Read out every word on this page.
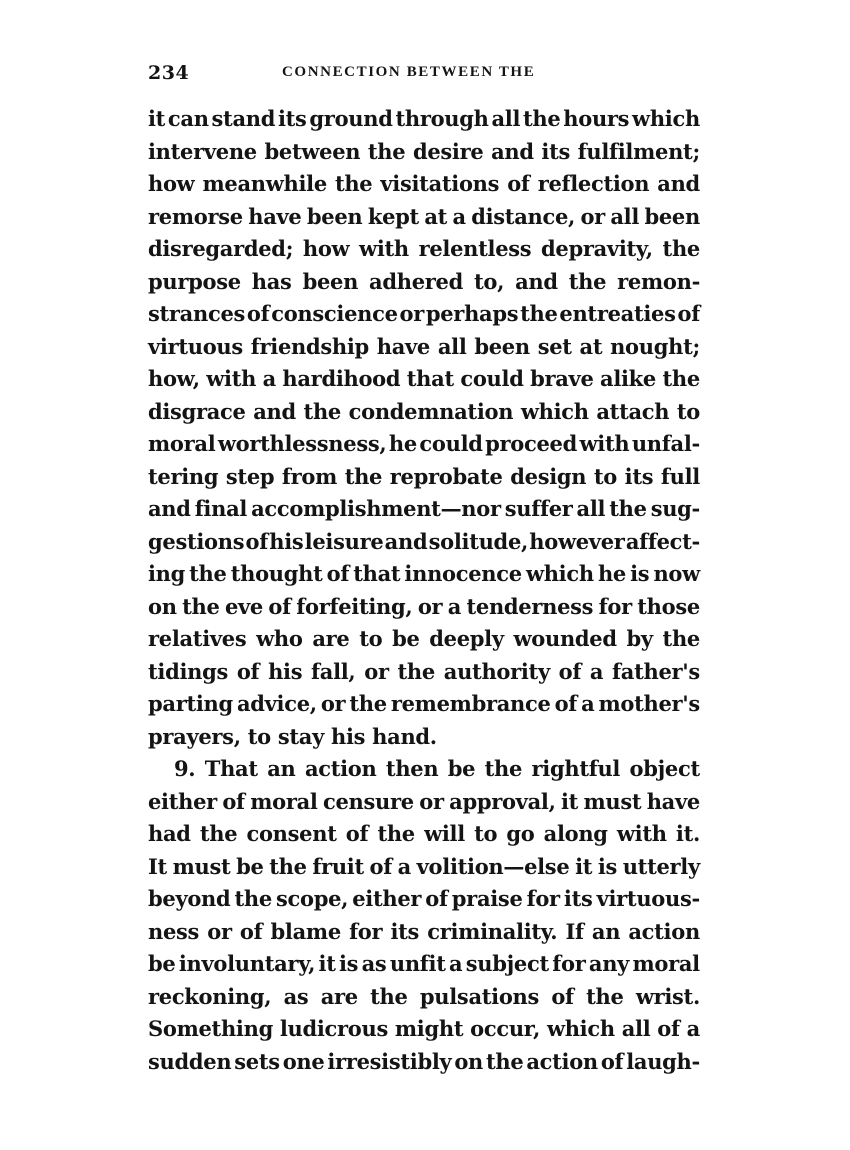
234	CONNECTION BETWEEN THE
it can stand its ground through all the hours which
intervene between the desire and its fulfilment;
how meanwhile the visitations of reflection and
remorse have been kept at a distance, or all been
disregarded; how with relentless depravity, the
purpose has been adhered to, and the remon-
strances of conscience or perhaps the entreaties of
virtuous friendship have all been set at nought;
how, with a hardihood that could brave alike the
disgrace and the condemnation which attach to
moral worthlessness, he could proceed with unfal-
tering step from the reprobate design to its full
and final accomplishment—nor suffer all the sug-
gestions of his leisure and solitude, however affect-
ing the thought of that innocence which he is now
on the eve of forfeiting, or a tenderness for those
relatives who are to be deeply wounded by the
tidings of his fall, or the authority of a father's
parting advice, or the remembrance of a mother's
prayers, to stay his hand.
9. That an action then be the rightful object
either of moral censure or approval, it must have
had the consent of the will to go along with it.
It must be the fruit of a volition—else it is utterly
beyond the scope, either of praise for its virtuous-
ness or of blame for its criminality. If an action
be involuntary, it is as unfit a subject for any moral
reckoning, as are the pulsations of the wrist.
Something ludicrous might occur, which all of a
sudden sets one irresistibly on the action of laugh-
